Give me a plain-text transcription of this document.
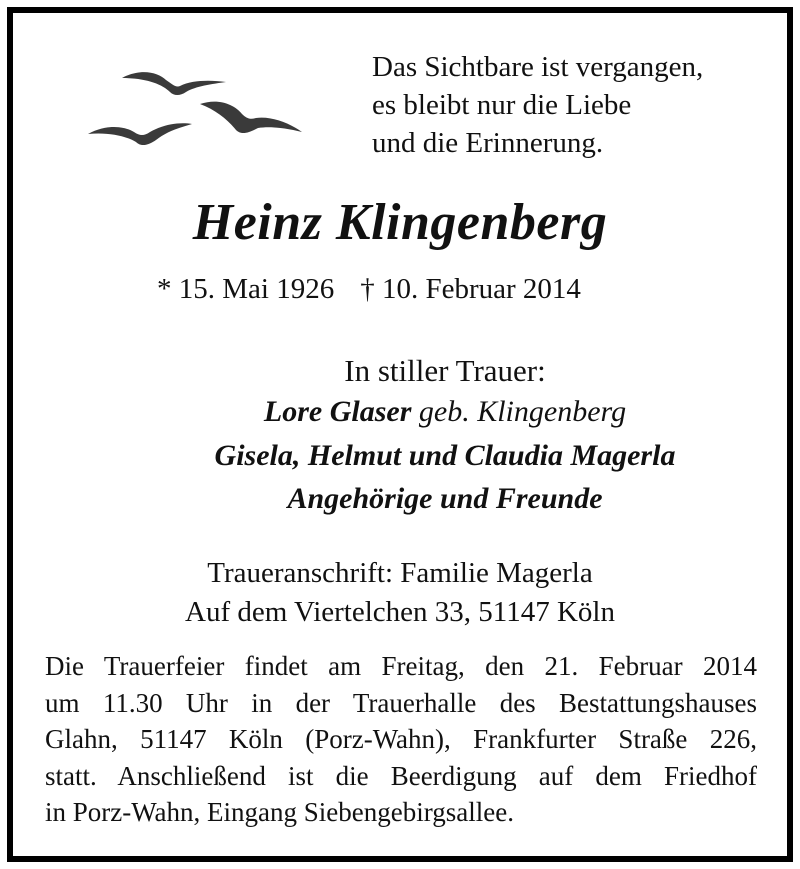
Das Sichtbare ist vergangen,
es bleibt nur die Liebe
und die Erinnerung.
Heinz Klingenberg
* 15. Mai 1926 † 10. Februar 2014
In stiller Trauer:
Lore Glaser geb. Klingenberg
Gisela, Helmut und Claudia Magerla
Angehörige und Freunde
Traueranschrift: Familie Magerla
Auf dem Viertelchen 33, 51147 Köln
Die Trauerfeier findet am Freitag, den 21. Februar 2014
um 11.30 Uhr in der Trauerhalle des Bestattungshauses
Glahn, 51147 Köln (Porz-Wahn), Frankfurter Straße 226,
statt. Anschließend ist die Beerdigung auf dem Friedhof
in Porz-Wahn, Eingang Siebengebirgsallee.
